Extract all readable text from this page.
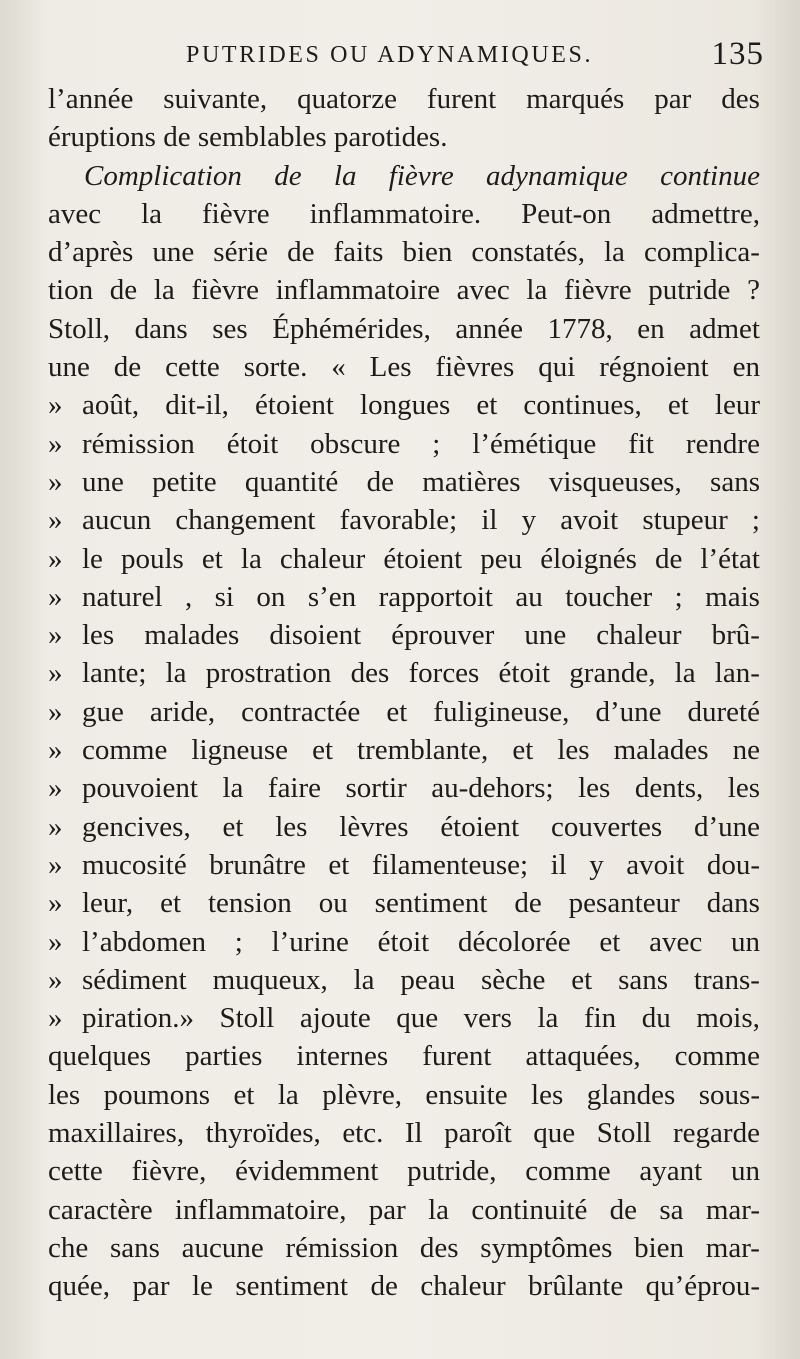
PUTRIDES OU ADYNAMIQUES.	135
l’année suivante, quatorze furent marqués par des
éruptions de semblables parotides.
Complication de la fièvre adynamique continue
avec la fièvre inflammatoire. Peut-on admettre,
d’après une série de faits bien constatés, la complica-
tion de la fièvre inflammatoire avec la fièvre putride ?
Stoll, dans ses Éphémérides, année 1778, en admet
une de cette sorte. « Les fièvres qui régnoient en
» août, dit-il, étoient longues et continues, et leur
» rémission étoit obscure ; l’émétique fit rendre
» une petite quantité de matières visqueuses, sans
» aucun changement favorable; il y avoit stupeur ;
» le pouls et la chaleur étoient peu éloignés de l’état
» naturel , si on s’en rapportoit au toucher ; mais
» les malades disoient éprouver une chaleur brû-
» lante; la prostration des forces étoit grande, la lan-
» gue aride, contractée et fuligineuse, d’une dureté
» comme ligneuse et tremblante, et les malades ne
» pouvoient la faire sortir au-dehors; les dents, les
» gencives, et les lèvres étoient couvertes d’une
» mucosité brunâtre et filamenteuse; il y avoit dou-
» leur, et tension ou sentiment de pesanteur dans
» l’abdomen ; l’urine étoit décolorée et avec un
» sédiment muqueux, la peau sèche et sans trans-
» piration.» Stoll ajoute que vers la fin du mois,
quelques parties internes furent attaquées, comme
les poumons et la plèvre, ensuite les glandes sous-
maxillaires, thyroïdes, etc. Il paroît que Stoll regarde
cette fièvre, évidemment putride, comme ayant un
caractère inflammatoire, par la continuité de sa mar-
che sans aucune rémission des symptômes bien mar-
quée, par le sentiment de chaleur brûlante qu’éprou-
